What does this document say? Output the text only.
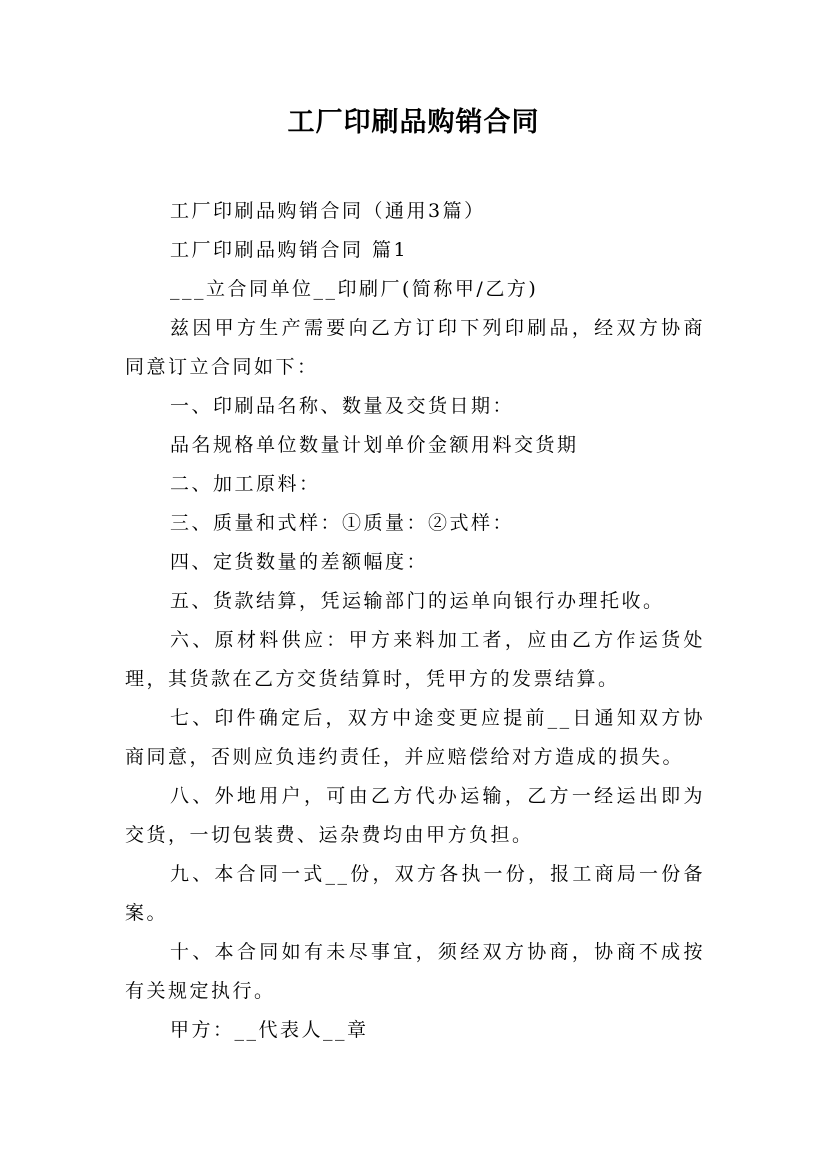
工厂印刷品购销合同

工厂印刷品购销合同（通用3篇）

工厂印刷品购销合同 篇1

___立合同单位__印刷厂(简称甲/乙方)

兹因甲方生产需要向乙方订印下列印刷品，经双方协商同意订立合同如下：

一、印刷品名称、数量及交货日期：

品名规格单位数量计划单价金额用料交货期

二、加工原料：

三、质量和式样：①质量：②式样：

四、定货数量的差额幅度：

五、货款结算，凭运输部门的运单向银行办理托收。

六、原材料供应：甲方来料加工者，应由乙方作运货处理，其货款在乙方交货结算时，凭甲方的发票结算。

七、印件确定后，双方中途变更应提前__日通知双方协商同意，否则应负违约责任，并应赔偿给对方造成的损失。

八、外地用户，可由乙方代办运输，乙方一经运出即为交货，一切包装费、运杂费均由甲方负担。

九、本合同一式__份，双方各执一份，报工商局一份备案。

十、本合同如有未尽事宜，须经双方协商，协商不成按有关规定执行。

甲方：__代表人__章
